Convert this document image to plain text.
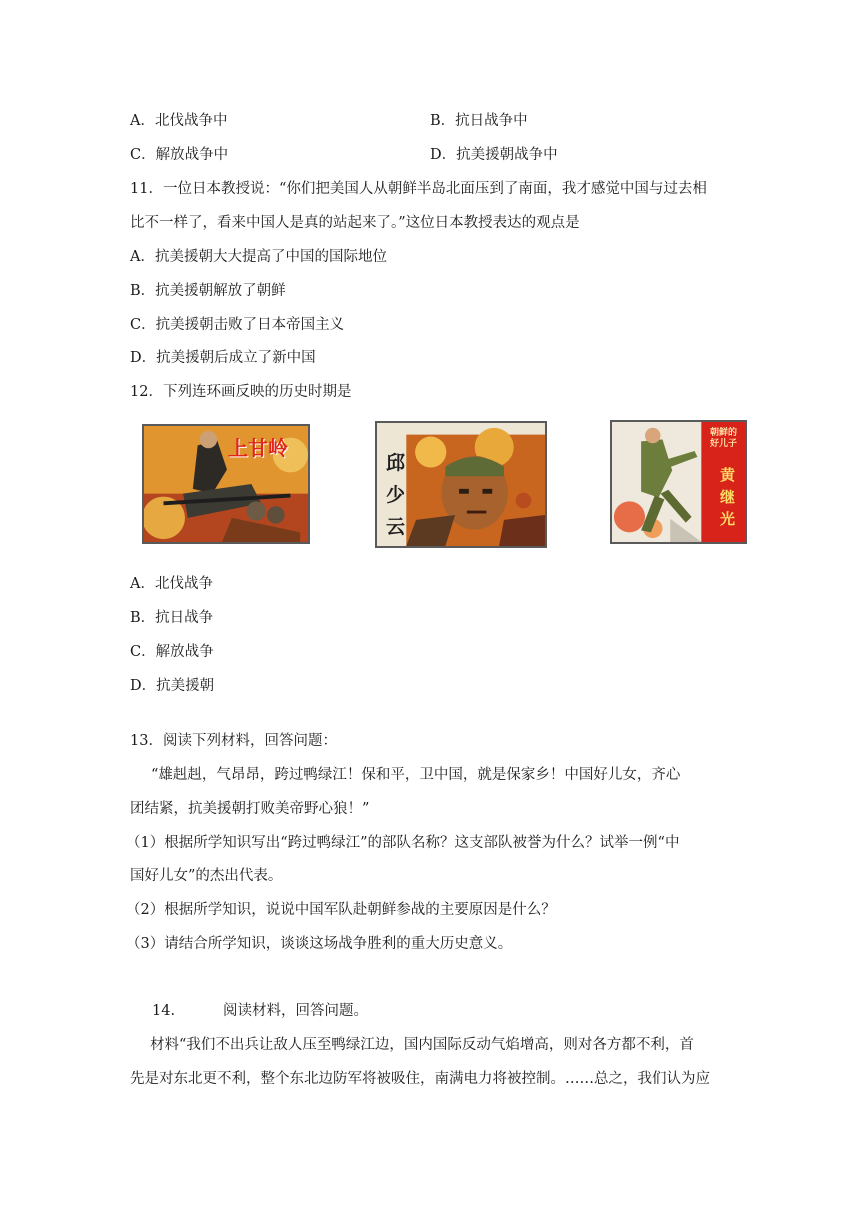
A．北伐战争中	B．抗日战争中
C．解放战争中	D．抗美援朝战争中
11．一位日本教授说：“你们把美国人从朝鲜半岛北面压到了南面，我才感觉中国与过去相
比不一样了，看来中国人是真的站起来了。”这位日本教授表达的观点是
A．抗美援朝大大提高了中国的国际地位
B．抗美援朝解放了朝鲜
C．抗美援朝击败了日本帝国主义
D．抗美援朝后成立了新中国
12．下列连环画反映的历史时期是
上甘岭
邱少云
朝鲜的好儿子
黄继光
A．北伐战争
B．抗日战争
C．解放战争
D．抗美援朝
13．阅读下列材料，回答问题：
“雄赳赳，气昂昂，跨过鸭绿江！保和平，卫中国，就是保家乡！中国好儿女，齐心
团结紧，抗美援朝打败美帝野心狼！”
（1）根据所学知识写出“跨过鸭绿江”的部队名称？这支部队被誉为什么？试举一例“中
国好儿女”的杰出代表。
（2）根据所学知识，说说中国军队赴朝鲜参战的主要原因是什么？
（3）请结合所学知识，谈谈这场战争胜利的重大历史意义。
14.	阅读材料，回答问题。
材料“我们不出兵让敌人压至鸭绿江边，国内国际反动气焰增高，则对各方都不利，首
先是对东北更不利，整个东北边防军将被吸住，南满电力将被控制。……总之，我们认为应
